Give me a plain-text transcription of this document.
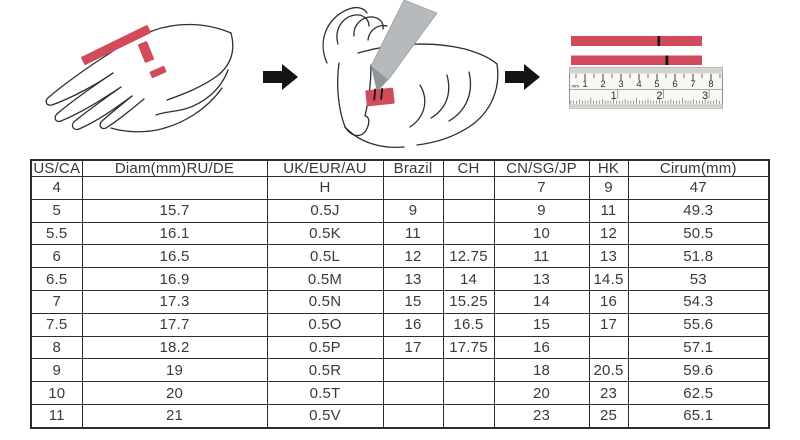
1 2 3 4 5 6 7 8
mm
1	2	3
US/CA	Diam(mm)RU/DE	UK/EUR/AU	Brazil	CH	CN/SG/JP	HK	Cirum(mm)
4		H			7	9	47
5	15.7	0.5J	9		9	11	49.3
5.5	16.1	0.5K	11		10	12	50.5
6	16.5	0.5L	12	12.75	11	13	51.8
6.5	16.9	0.5M	13	14	13	14.5	53
7	17.3	0.5N	15	15.25	14	16	54.3
7.5	17.7	0.5O	16	16.5	15	17	55.6
8	18.2	0.5P	17	17.75	16		57.1
9	19	0.5R			18	20.5	59.6
10	20	0.5T			20	23	62.5
11	21	0.5V			23	25	65.1
